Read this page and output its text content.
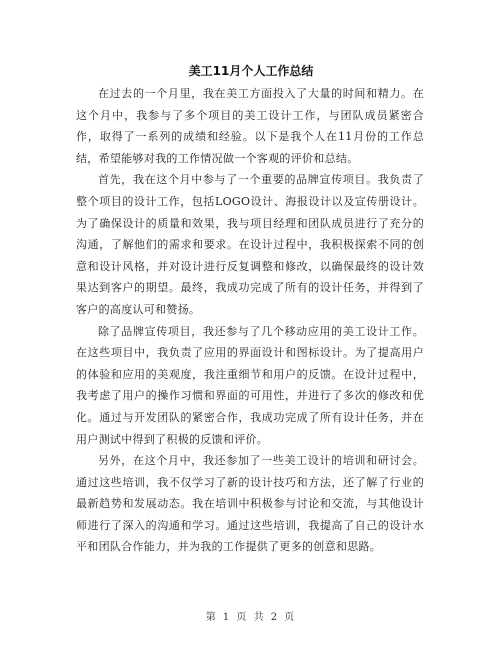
美工11月个人工作总结

在过去的一个月里，我在美工方面投入了大量的时间和精力。在这个月中，我参与了多个项目的美工设计工作，与团队成员紧密合作，取得了一系列的成绩和经验。以下是我个人在11月份的工作总结，希望能够对我的工作情况做一个客观的评价和总结。

首先，我在这个月中参与了一个重要的品牌宣传项目。我负责了整个项目的设计工作，包括LOGO设计、海报设计以及宣传册设计。为了确保设计的质量和效果，我与项目经理和团队成员进行了充分的沟通，了解他们的需求和要求。在设计过程中，我积极探索不同的创意和设计风格，并对设计进行反复调整和修改，以确保最终的设计效果达到客户的期望。最终，我成功完成了所有的设计任务，并得到了客户的高度认可和赞扬。

除了品牌宣传项目，我还参与了几个移动应用的美工设计工作。在这些项目中，我负责了应用的界面设计和图标设计。为了提高用户的体验和应用的美观度，我注重细节和用户的反馈。在设计过程中，我考虑了用户的操作习惯和界面的可用性，并进行了多次的修改和优化。通过与开发团队的紧密合作，我成功完成了所有设计任务，并在用户测试中得到了积极的反馈和评价。

另外，在这个月中，我还参加了一些美工设计的培训和研讨会。通过这些培训，我不仅学习了新的设计技巧和方法，还了解了行业的最新趋势和发展动态。我在培训中积极参与讨论和交流，与其他设计师进行了深入的沟通和学习。通过这些培训，我提高了自己的设计水平和团队合作能力，并为我的工作提供了更多的创意和思路。

第 1 页 共 2 页
